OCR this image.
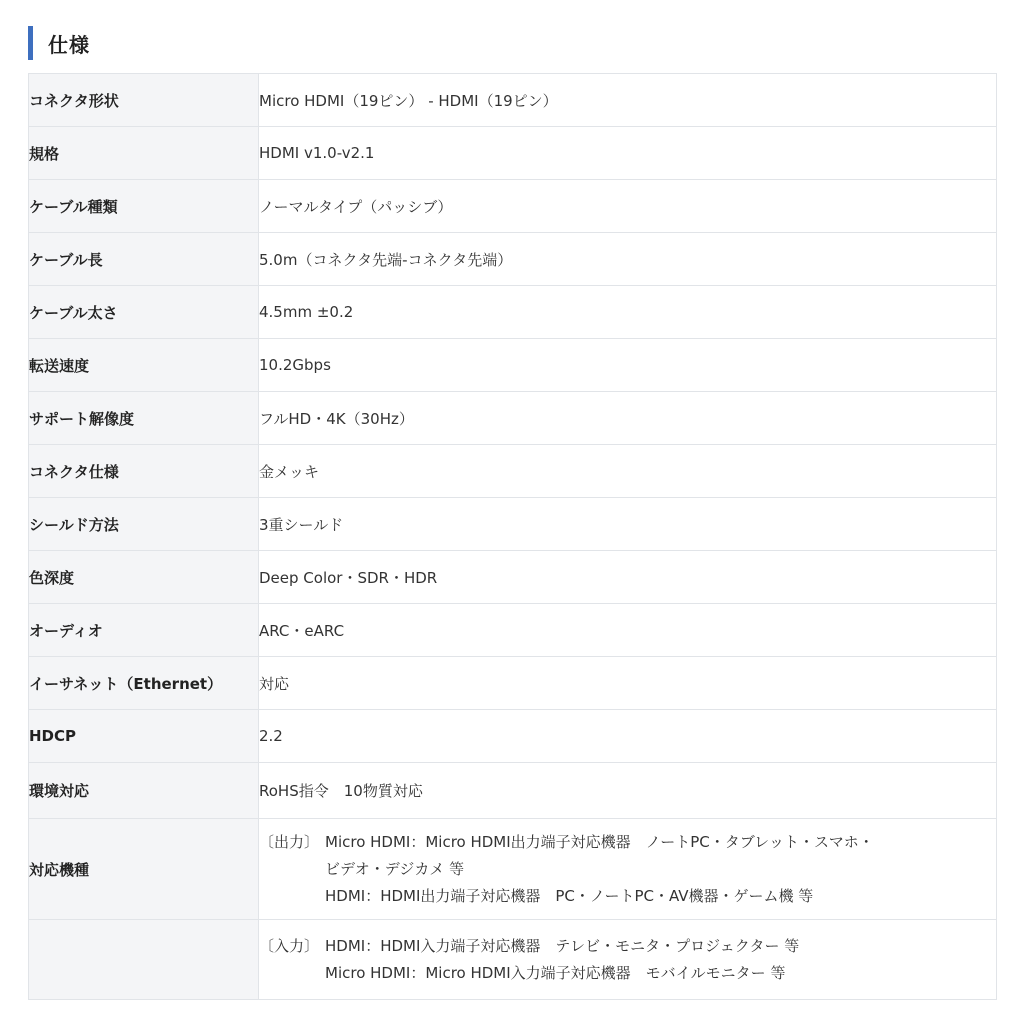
仕様
コネクタ形状	Micro HDMI（19ピン） - HDMI（19ピン）
規格	HDMI v1.0-v2.1
ケーブル種類	ノーマルタイプ（パッシブ）
ケーブル長	5.0m（コネクタ先端-コネクタ先端）
ケーブル太さ	4.5mm ±0.2
転送速度	10.2Gbps
サポート解像度	フルHD・4K（30Hz）
コネクタ仕様	金メッキ
シールド方法	3重シールド
色深度	Deep Color・SDR・HDR
オーディオ	ARC・eARC
イーサネット（Ethernet）	対応
HDCP	2.2
環境対応	RoHS指令　10物質対応
対応機種	〔出力〕 Micro HDMI：Micro HDMI出力端子対応機器　ノートPC・タブレット・スマホ・
ビデオ・デジカメ 等
HDMI：HDMI出力端子対応機器　PC・ノートPC・AV機器・ゲーム機 等

	〔入力〕 HDMI：HDMI入力端子対応機器　テレビ・モニタ・プロジェクター 等
Micro HDMI：Micro HDMI入力端子対応機器　モバイルモニター 等
